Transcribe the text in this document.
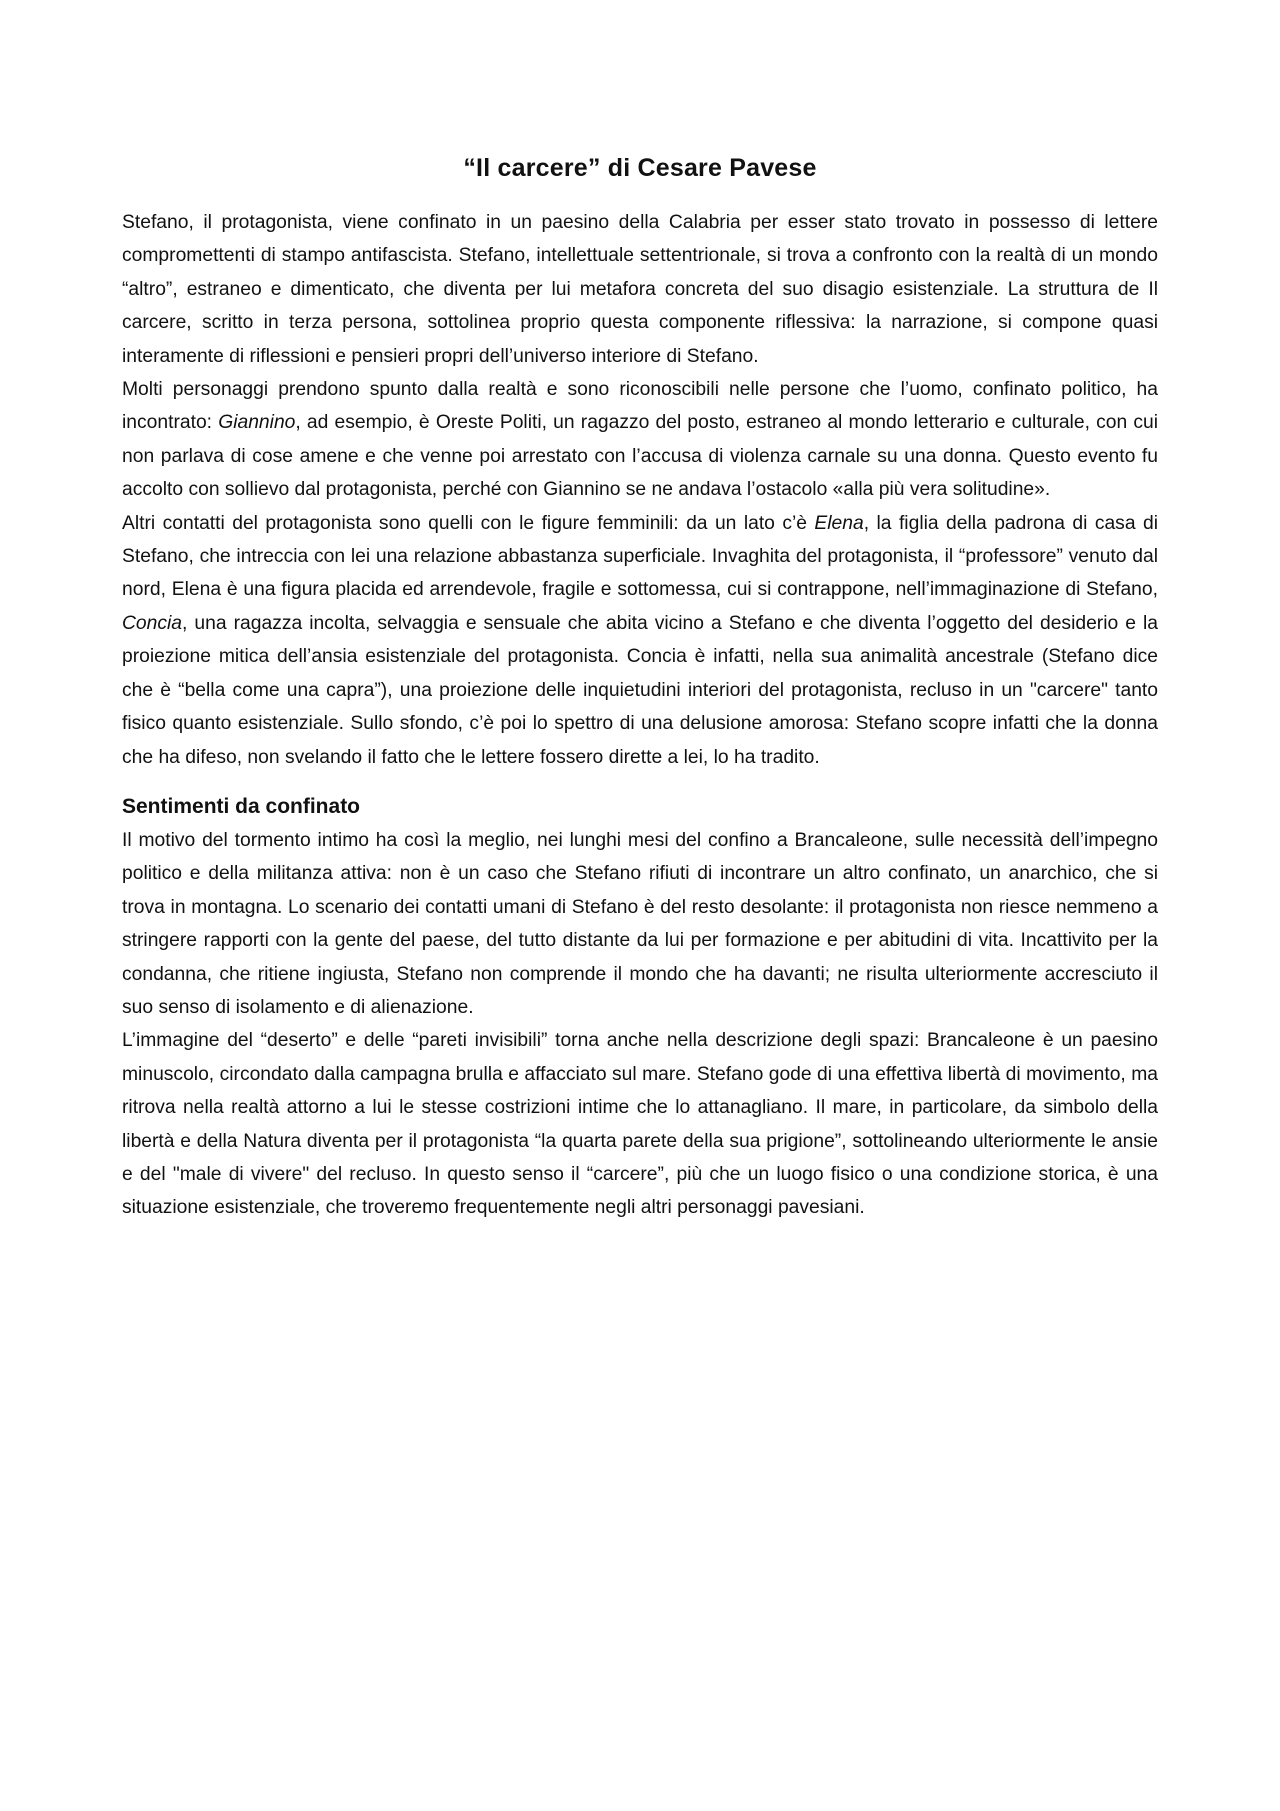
“Il carcere” di Cesare Pavese

Stefano, il protagonista, viene confinato in un paesino della Calabria per esser stato trovato in possesso di lettere compromettenti di stampo antifascista. Stefano, intellettuale settentrionale, si trova a confronto con la realtà di un mondo “altro”, estraneo e dimenticato, che diventa per lui metafora concreta del suo disagio esistenziale. La struttura de Il carcere, scritto in terza persona, sottolinea proprio questa componente riflessiva: la narrazione, si compone quasi interamente di riflessioni e pensieri propri dell’universo interiore di Stefano.

Molti personaggi prendono spunto dalla realtà e sono riconoscibili nelle persone che l’uomo, confinato politico, ha incontrato: Giannino, ad esempio, è Oreste Politi, un ragazzo del posto, estraneo al mondo letterario e culturale, con cui non parlava di cose amene e che venne poi arrestato con l’accusa di violenza carnale su una donna. Questo evento fu accolto con sollievo dal protagonista, perché con Giannino se ne andava l’ostacolo «alla più vera solitudine».

Altri contatti del protagonista sono quelli con le figure femminili: da un lato c’è Elena, la figlia della padrona di casa di Stefano, che intreccia con lei una relazione abbastanza superficiale. Invaghita del protagonista, il “professore” venuto dal nord, Elena è una figura placida ed arrendevole, fragile e sottomessa, cui si contrappone, nell’immaginazione di Stefano, Concia, una ragazza incolta, selvaggia e sensuale che abita vicino a Stefano e che diventa l’oggetto del desiderio e la proiezione mitica dell’ansia esistenziale del protagonista. Concia è infatti, nella sua animalità ancestrale (Stefano dice che è “bella come una capra”), una proiezione delle inquietudini interiori del protagonista, recluso in un "carcere" tanto fisico quanto esistenziale. Sullo sfondo, c’è poi lo spettro di una delusione amorosa: Stefano scopre infatti che la donna che ha difeso, non svelando il fatto che le lettere fossero dirette a lei, lo ha tradito.

Sentimenti da confinato

Il motivo del tormento intimo ha così la meglio, nei lunghi mesi del confino a Brancaleone, sulle necessità dell’impegno politico e della militanza attiva: non è un caso che Stefano rifiuti di incontrare un altro confinato, un anarchico, che si trova in montagna. Lo scenario dei contatti umani di Stefano è del resto desolante: il protagonista non riesce nemmeno a stringere rapporti con la gente del paese, del tutto distante da lui per formazione e per abitudini di vita. Incattivito per la condanna, che ritiene ingiusta, Stefano non comprende il mondo che ha davanti; ne risulta ulteriormente accresciuto il suo senso di isolamento e di alienazione.

L’immagine del “deserto” e delle “pareti invisibili” torna anche nella descrizione degli spazi: Brancaleone è un paesino minuscolo, circondato dalla campagna brulla e affacciato sul mare. Stefano gode di una effettiva libertà di movimento, ma ritrova nella realtà attorno a lui le stesse costrizioni intime che lo attanagliano. Il mare, in particolare, da simbolo della libertà e della Natura diventa per il protagonista “la quarta parete della sua prigione”, sottolineando ulteriormente le ansie e del "male di vivere" del recluso. In questo senso il “carcere”, più che un luogo fisico o una condizione storica, è una situazione esistenziale, che troveremo frequentemente negli altri personaggi pavesiani.
